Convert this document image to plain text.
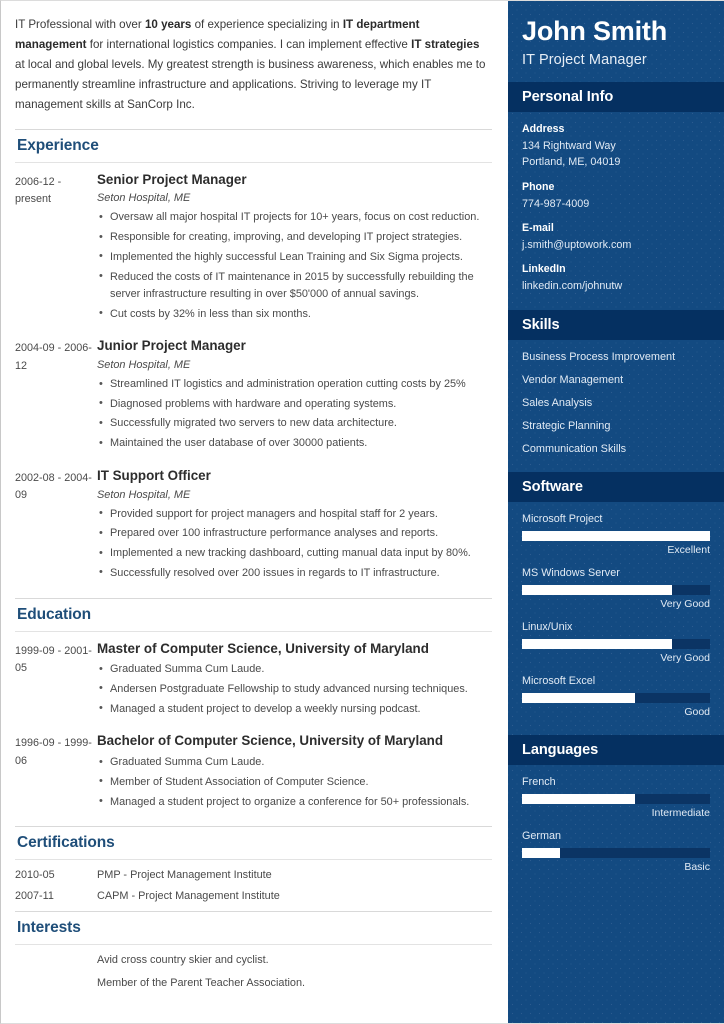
IT Professional with over 10 years of experience specializing in IT department management for international logistics companies. I can implement effective IT strategies at local and global levels. My greatest strength is business awareness, which enables me to permanently streamline infrastructure and applications. Striving to leverage my IT management skills at SanCorp Inc.

Experience
2006-12 - present
Senior Project Manager
Seton Hospital, ME
• Oversaw all major hospital IT projects for 10+ years, focus on cost reduction.
• Responsible for creating, improving, and developing IT project strategies.
• Implemented the highly successful Lean Training and Six Sigma projects.
• Reduced the costs of IT maintenance in 2015 by successfully rebuilding the server infrastructure resulting in over $50'000 of annual savings.
• Cut costs by 32% in less than six months.
2004-09 - 2006-12
Junior Project Manager
Seton Hospital, ME
• Streamlined IT logistics and administration operation cutting costs by 25%
• Diagnosed problems with hardware and operating systems.
• Successfully migrated two servers to new data architecture.
• Maintained the user database of over 30000 patients.
2002-08 - 2004-09
IT Support Officer
Seton Hospital, ME
• Provided support for project managers and hospital staff for 2 years.
• Prepared over 100 infrastructure performance analyses and reports.
• Implemented a new tracking dashboard, cutting manual data input by 80%.
• Successfully resolved over 200 issues in regards to IT infrastructure.
Education
1999-09 - 2001-05
Master of Computer Science, University of Maryland
• Graduated Summa Cum Laude.
• Andersen Postgraduate Fellowship to study advanced nursing techniques.
• Managed a student project to develop a weekly nursing podcast.
1996-09 - 1999-06
Bachelor of Computer Science, University of Maryland
• Graduated Summa Cum Laude.
• Member of Student Association of Computer Science.
• Managed a student project to organize a conference for 50+ professionals.
Certifications
2010-05	PMP - Project Management Institute
2007-11	CAPM - Project Management Institute
Interests
Avid cross country skier and cyclist.
Member of the Parent Teacher Association.
John Smith
IT Project Manager
Personal Info
Address
134 Rightward Way
Portland, ME, 04019
Phone
774-987-4009
E-mail
j.smith@uptowork.com
LinkedIn
linkedin.com/johnutw
Skills
Business Process Improvement
Vendor Management
Sales Analysis
Strategic Planning
Communication Skills
Software
Microsoft Project
Excellent
MS Windows Server
Very Good
Linux/Unix
Very Good
Microsoft Excel
Good
Languages
French
Intermediate
German
Basic
